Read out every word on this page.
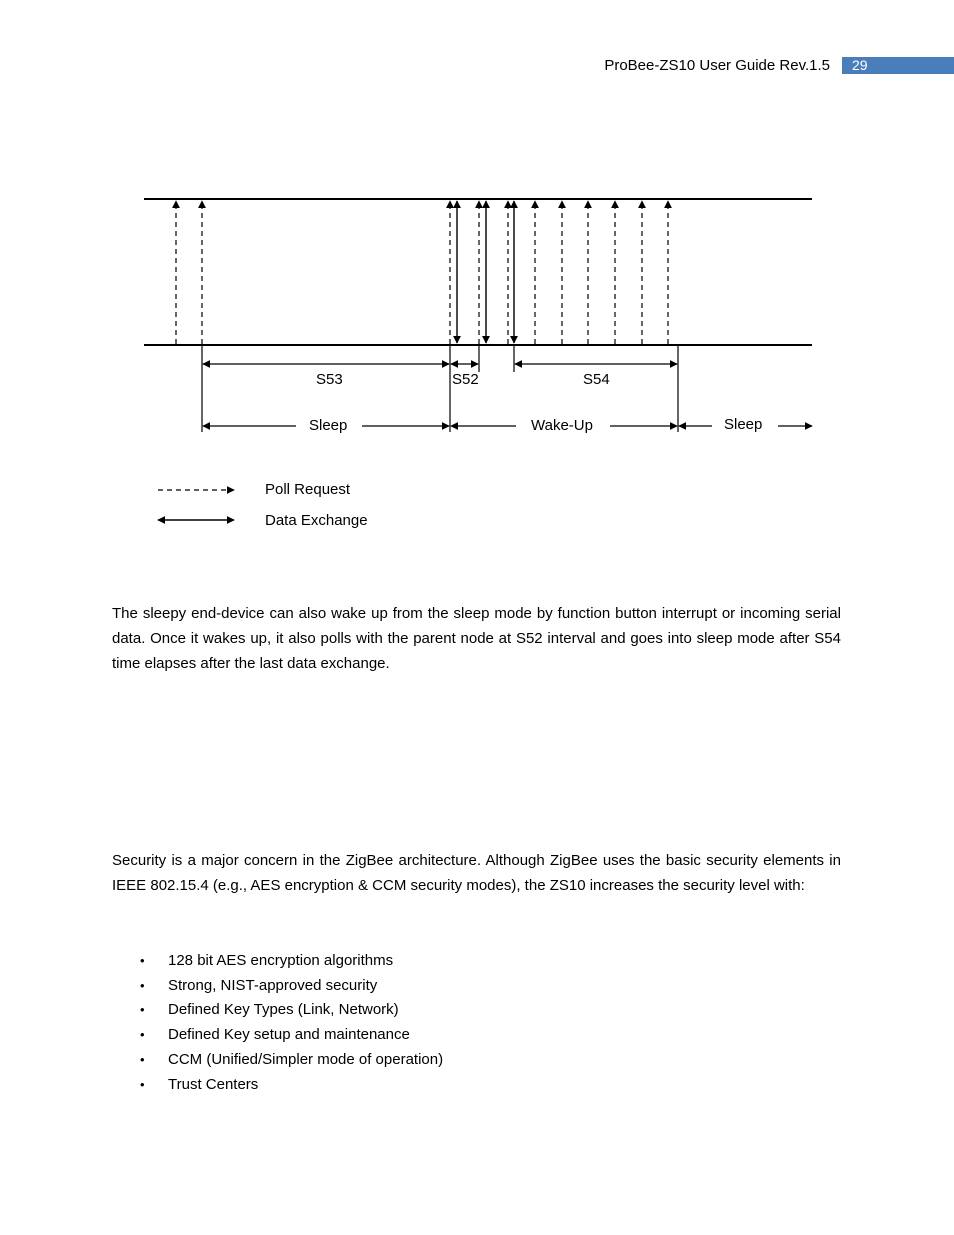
ProBee-ZS10 User Guide Rev.1.5	29
S53	S52	S54
Sleep	Wake-Up	Sleep
Poll Request
Data Exchange

The sleepy end-device can also wake up from the sleep mode by function button interrupt or incoming serial data. Once it wakes up, it also polls with the parent node at S52 interval and goes into sleep mode after S54 time elapses after the last data exchange.

Security is a major concern in the ZigBee architecture. Although ZigBee uses the basic security elements in IEEE 802.15.4 (e.g., AES encryption & CCM security modes), the ZS10 increases the security level with:

• 128 bit AES encryption algorithms
• Strong, NIST-approved security
• Defined Key Types (Link, Network)
• Defined Key setup and maintenance
• CCM (Unified/Simpler mode of operation)
• Trust Centers
